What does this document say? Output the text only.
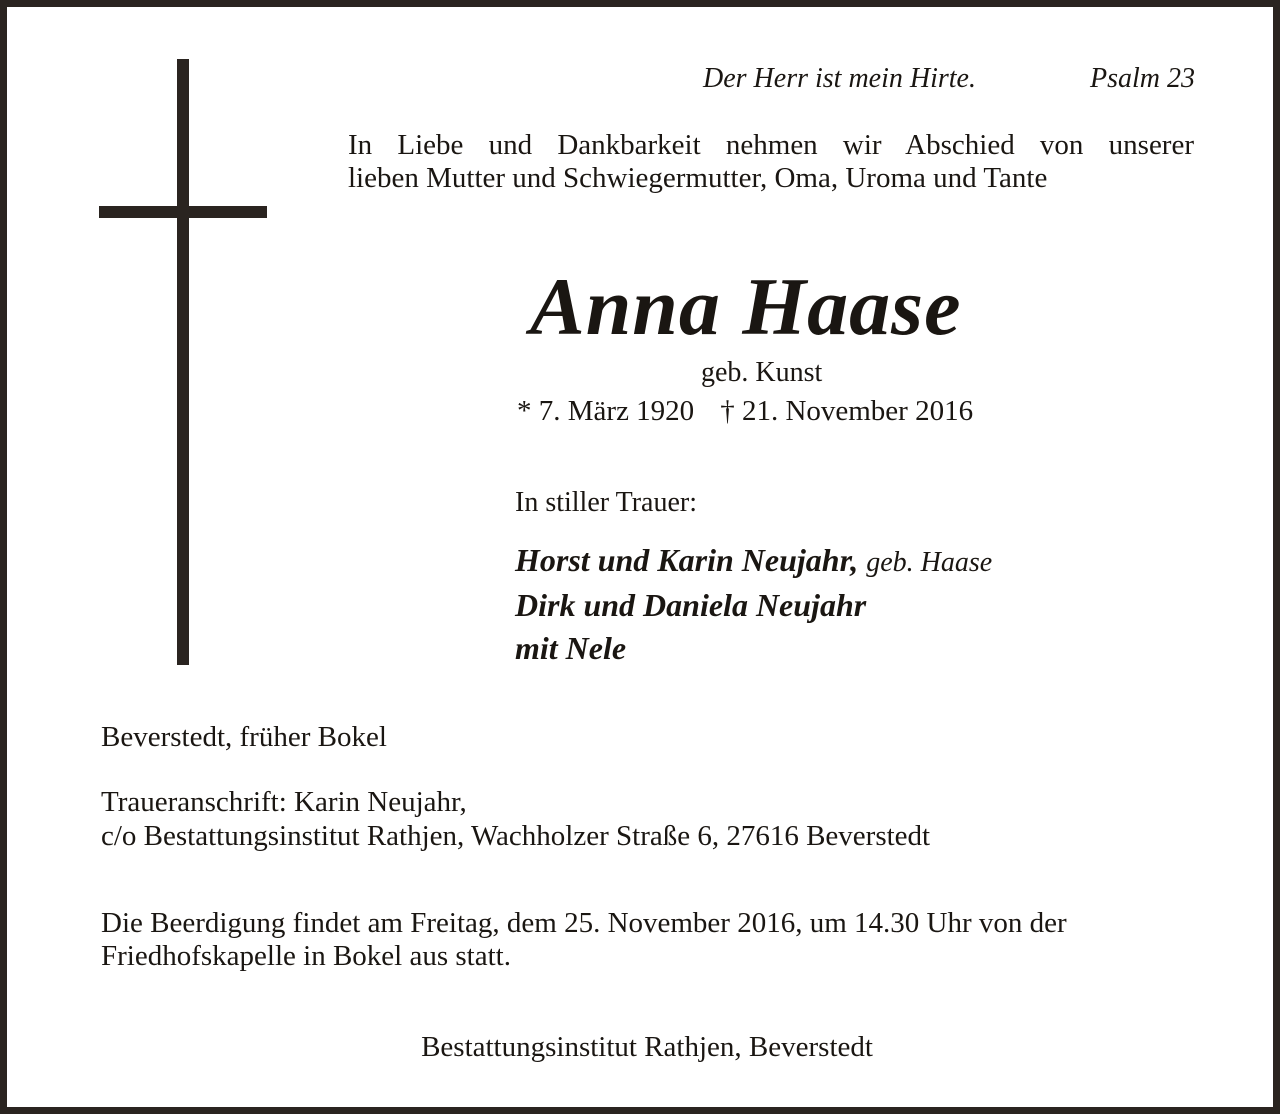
Der Herr ist mein Hirte.	Psalm 23
In Liebe und Dankbarkeit nehmen wir Abschied von unserer
lieben Mutter und Schwiegermutter, Oma, Uroma und Tante
Anna Haase
geb. Kunst
* 7. März 1920 † 21. November 2016
In stiller Trauer:
Horst und Karin Neujahr, geb. Haase
Dirk und Daniela Neujahr
mit Nele
Beverstedt, früher Bokel
Traueranschrift: Karin Neujahr,
c/o Bestattungsinstitut Rathjen, Wachholzer Straße 6, 27616 Beverstedt
Die Beerdigung findet am Freitag, dem 25. November 2016, um 14.30 Uhr von der
Friedhofskapelle in Bokel aus statt.
Bestattungsinstitut Rathjen, Beverstedt
